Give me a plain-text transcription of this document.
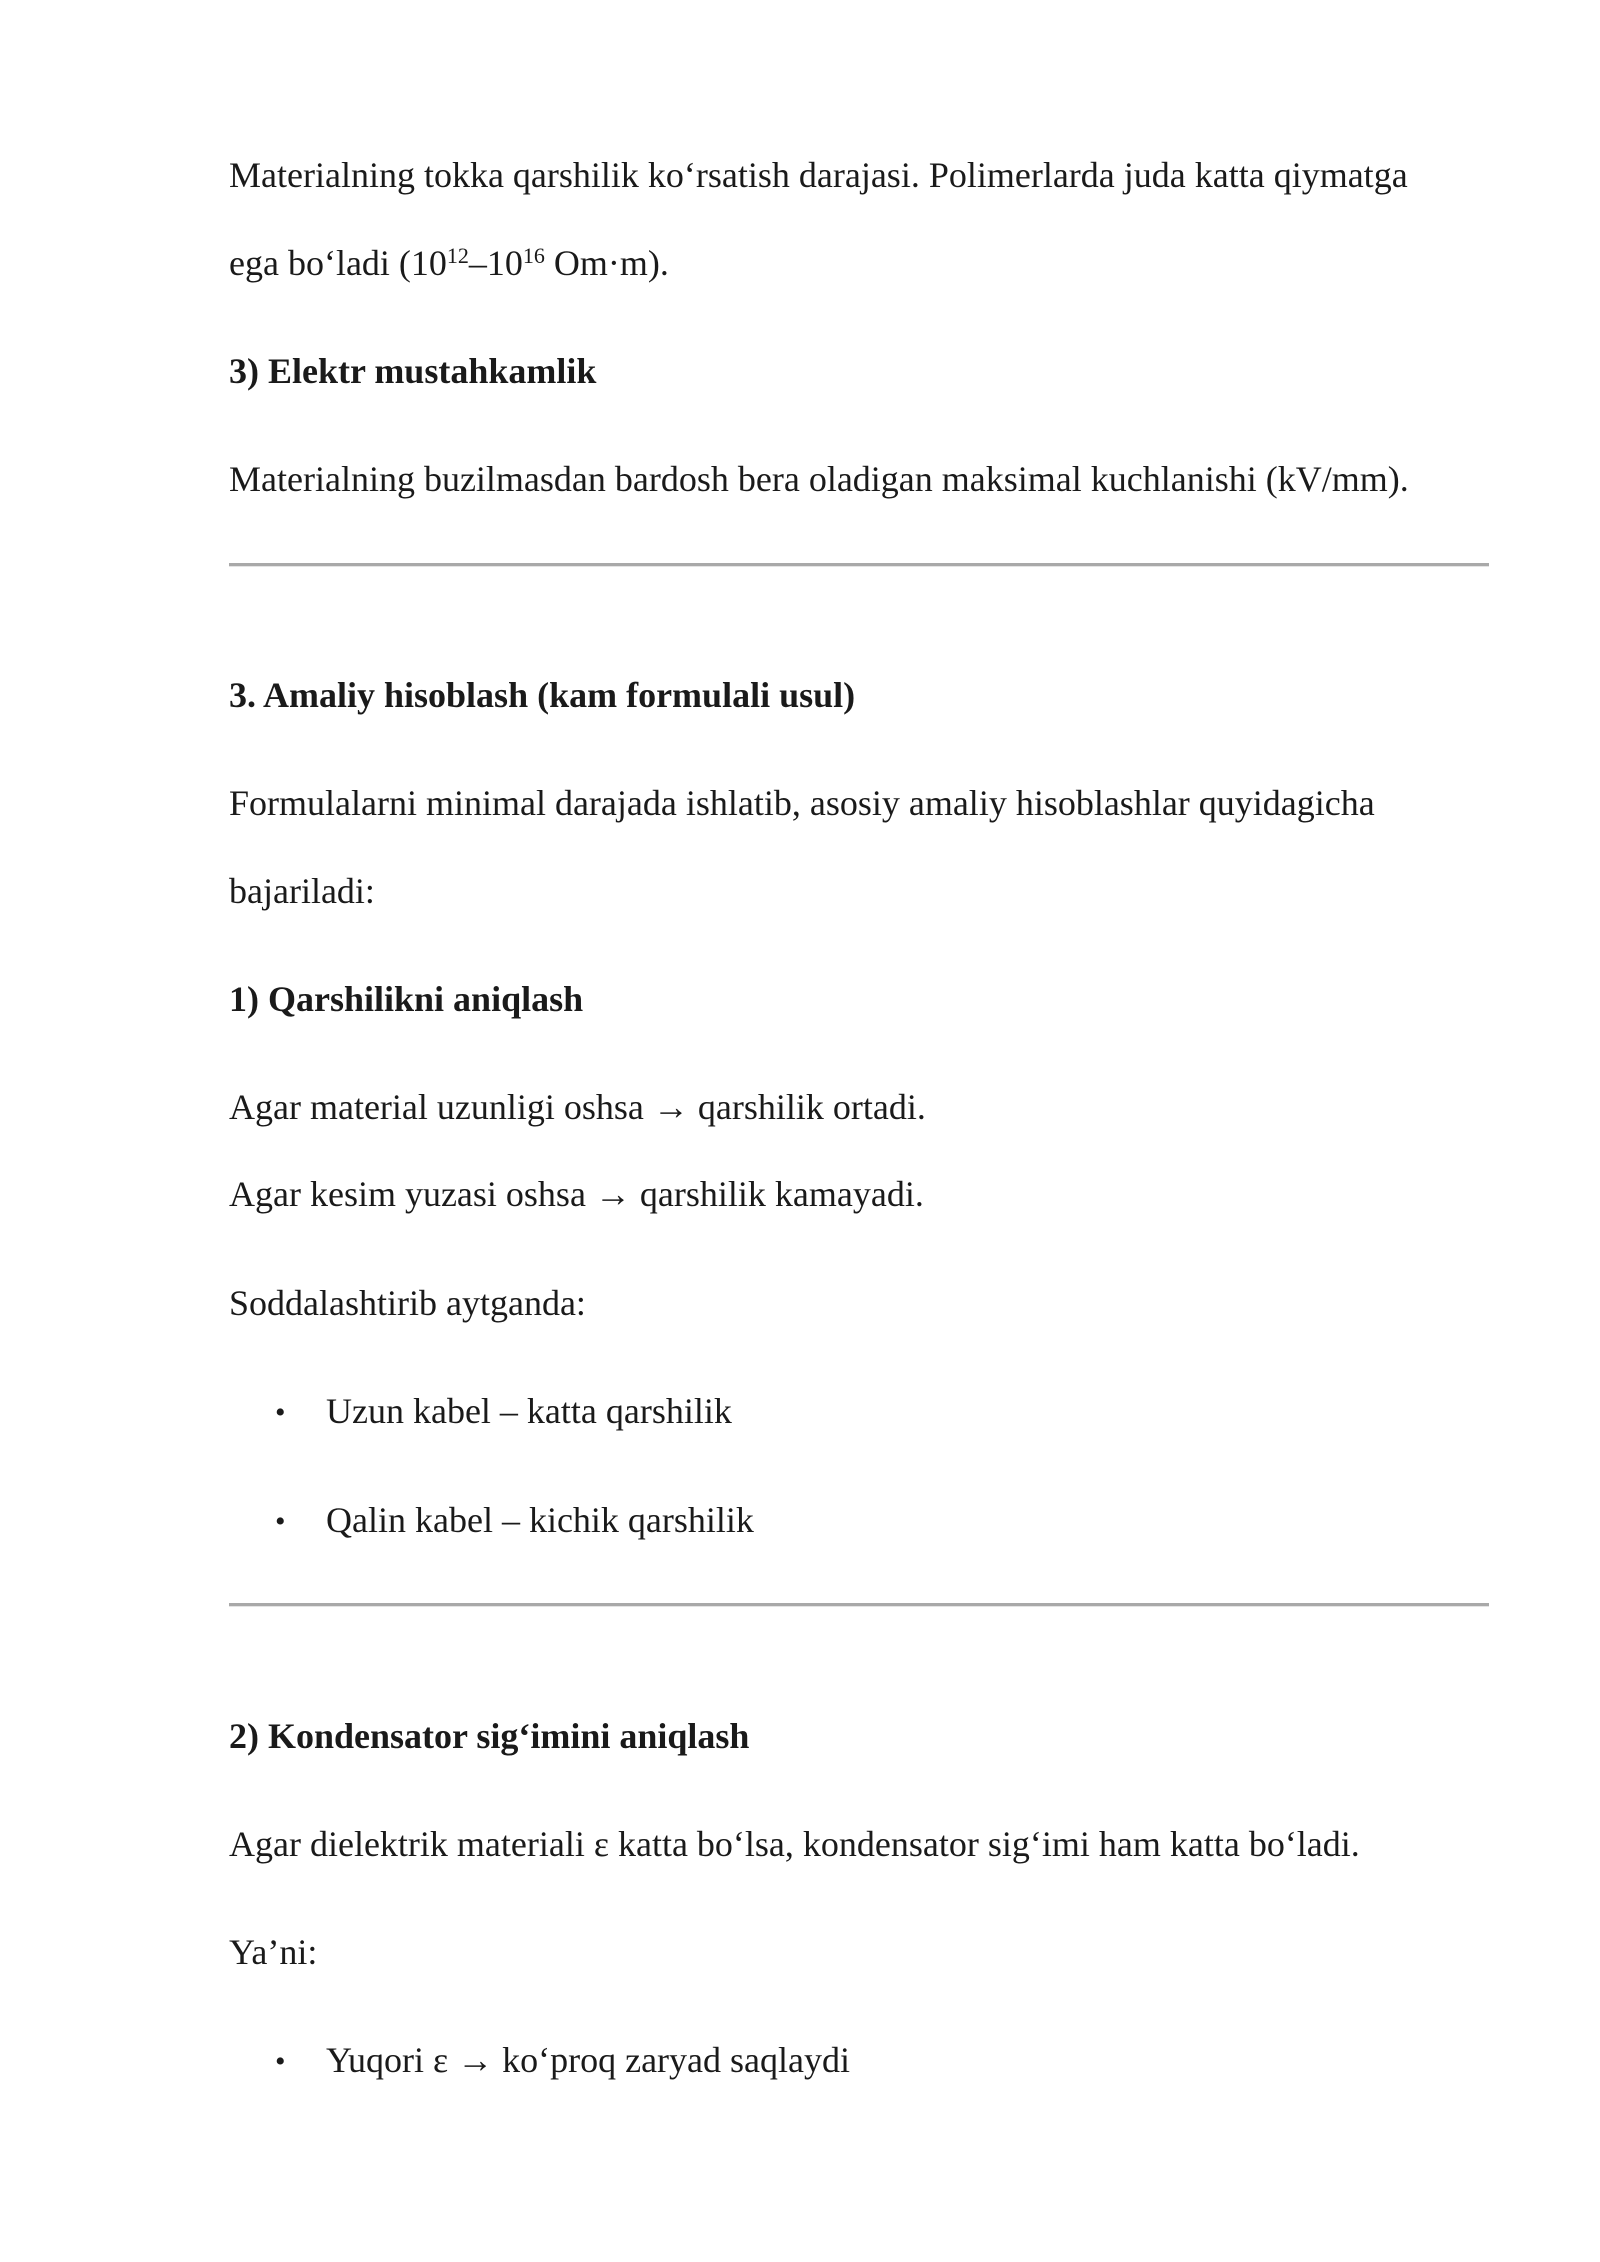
Materialning tokka qarshilik ko‘rsatish darajasi. Polimerlarda juda katta qiymatga
ega bo‘ladi ($10^{12}-10^{16}$ Om·m).
3) Elektr mustahkamlik
Materialning buzilmasdan bardosh bera oladigan maksimal kuchlanishi (kV/mm).
3. Amaliy hisoblash (kam formulali usul)
Formulalarni minimal darajada ishlatib, asosiy amaliy hisoblashlar quyidagicha
bajariladi:
1) Qarshilikni aniqlash
Agar material uzunligi oshsa → qarshilik ortadi.
Agar kesim yuzasi oshsa → qarshilik kamayadi.
Soddalashtirib aytganda:
• Uzun kabel – katta qarshilik
• Qalin kabel – kichik qarshilik
2) Kondensator sig‘imini aniqlash
Agar dielektrik materiali ε katta bo‘lsa, kondensator sig‘imi ham katta bo‘ladi.
Ya’ni:
• Yuqori ε → ko‘proq zaryad saqlaydi
